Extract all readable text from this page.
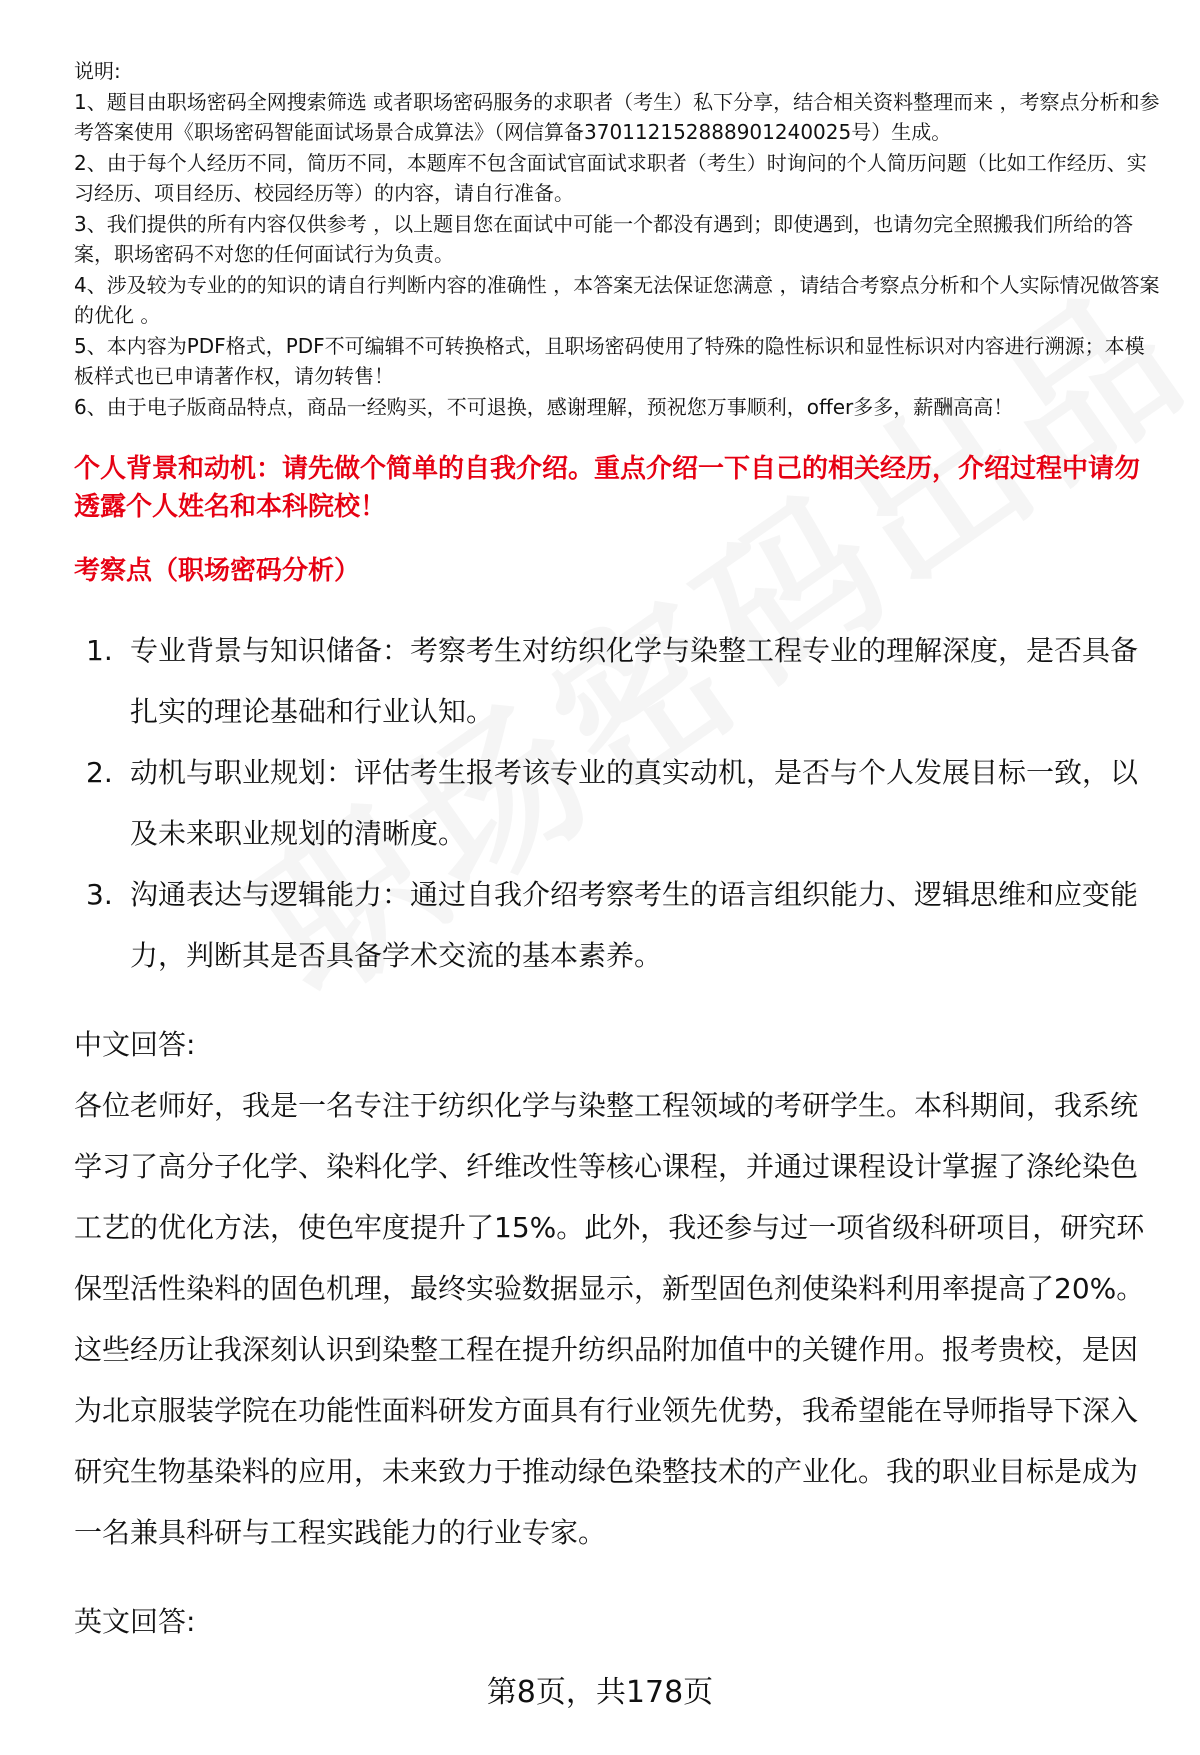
说明:

1、题目由职场密码全网搜索筛选 或者职场密码服务的求职者（考生）私下分享，结合相关资料整理而来 ，考察点分析和参考答案使用《职场密码智能面试场景合成算法》（网信算备370112152888901240025号）生成。

2、由于每个人经历不同，简历不同，本题库不包含面试官面试求职者（考生）时询问的个人简历问题（比如工作经历、实习经历、项目经历、校园经历等）的内容，请自行准备。

3、我们提供的所有内容仅供参考 ，以上题目您在面试中可能一个都没有遇到；即使遇到，也请勿完全照搬我们所给的答案，职场密码不对您的任何面试行为负责。

4、涉及较为专业的的知识的请自行判断内容的准确性 ，本答案无法保证您满意 ，请结合考察点分析和个人实际情况做答案的优化 。

5、本内容为PDF格式，PDF不可编辑不可转换格式，且职场密码使用了特殊的隐性标识和显性标识对内容进行溯源；本模板样式也已申请著作权，请勿转售！

6、由于电子版商品特点，商品一经购买，不可退换，感谢理解，预祝您万事顺利，offer多多，薪酬高高！

个人背景和动机：请先做个简单的自我介绍。重点介绍一下自己的相关经历，介绍过程中请勿透露个人姓名和本科院校！
考察点（职场密码分析）
1. 专业背景与知识储备：考察考生对纺织化学与染整工程专业的理解深度，是否具备扎实的理论基础和行业认知。
2. 动机与职业规划：评估考生报考该专业的真实动机，是否与个人发展目标一致，以及未来职业规划的清晰度。
3. 沟通表达与逻辑能力：通过自我介绍考察考生的语言组织能力、逻辑思维和应变能力，判断其是否具备学术交流的基本素养。
中文回答:
各位老师好，我是一名专注于纺织化学与染整工程领域的考研学生。本科期间，我系统学习了高分子化学、染料化学、纤维改性等核心课程，并通过课程设计掌握了涤纶染色工艺的优化方法，使色牢度提升了15%。此外，我还参与过一项省级科研项目，研究环保型活性染料的固色机理，最终实验数据显示，新型固色剂使染料利用率提高了20%。这些经历让我深刻认识到染整工程在提升纺织品附加值中的关键作用。报考贵校，是因为北京服装学院在功能性面料研发方面具有行业领先优势，我希望能在导师指导下深入研究生物基染料的应用，未来致力于推动绿色染整技术的产业化。我的职业目标是成为一名兼具科研与工程实践能力的行业专家。
英文回答:
第8页，共178页
